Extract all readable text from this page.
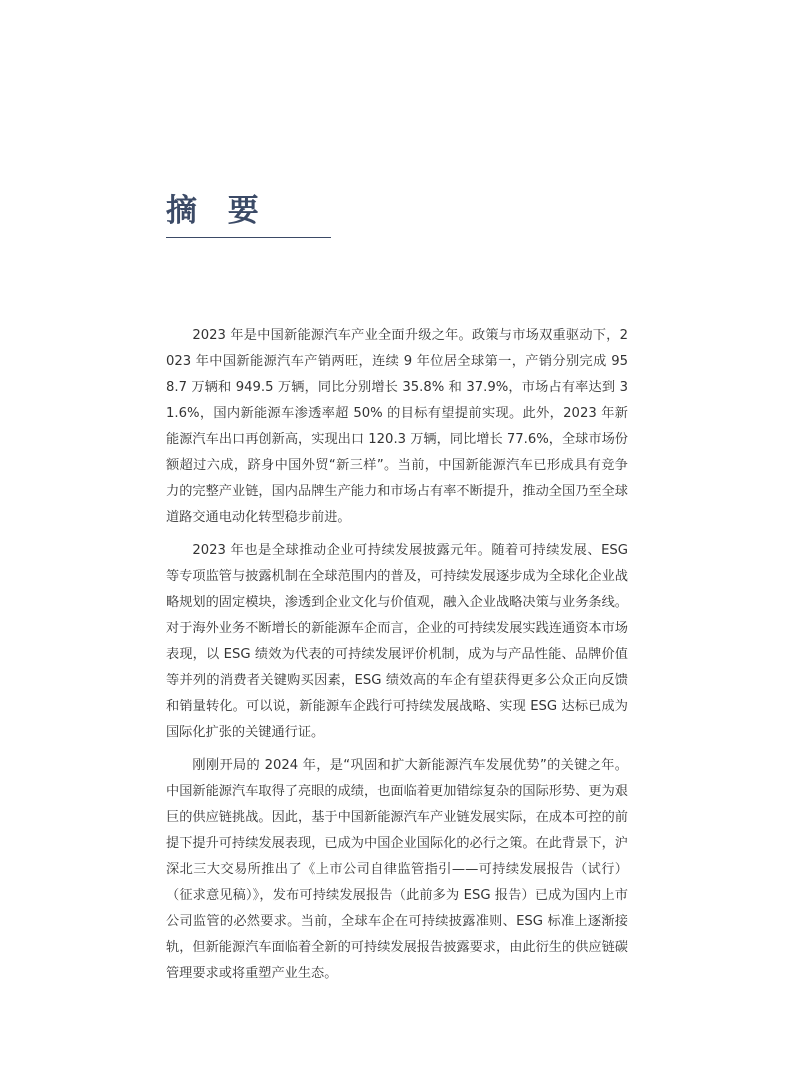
摘 要

2023 年是中国新能源汽车产业全面升级之年。政策与市场双重驱动下，2023 年中国新能源汽车产销两旺，连续 9 年位居全球第一，产销分别完成 958.7 万辆和 949.5 万辆，同比分别增长 35.8% 和 37.9%，市场占有率达到 31.6%，国内新能源车渗透率超 50% 的目标有望提前实现。此外，2023 年新能源汽车出口再创新高，实现出口 120.3 万辆，同比增长 77.6%，全球市场份额超过六成，跻身中国外贸“新三样”。当前，中国新能源汽车已形成具有竞争力的完整产业链，国内品牌生产能力和市场占有率不断提升，推动全国乃至全球道路交通电动化转型稳步前进。

2023 年也是全球推动企业可持续发展披露元年。随着可持续发展、ESG 等专项监管与披露机制在全球范围内的普及，可持续发展逐步成为全球化企业战略规划的固定模块，渗透到企业文化与价值观，融入企业战略决策与业务条线。对于海外业务不断增长的新能源车企而言，企业的可持续发展实践连通资本市场表现，以 ESG 绩效为代表的可持续发展评价机制，成为与产品性能、品牌价值等并列的消费者关键购买因素，ESG 绩效高的车企有望获得更多公众正向反馈和销量转化。可以说，新能源车企践行可持续发展战略、实现 ESG 达标已成为国际化扩张的关键通行证。

刚刚开局的 2024 年，是“巩固和扩大新能源汽车发展优势”的关键之年。中国新能源汽车取得了亮眼的成绩，也面临着更加错综复杂的国际形势、更为艰巨的供应链挑战。因此，基于中国新能源汽车产业链发展实际，在成本可控的前提下提升可持续发展表现，已成为中国企业国际化的必行之策。在此背景下，沪深北三大交易所推出了《上市公司自律监管指引——可持续发展报告（试行）（征求意见稿）》，发布可持续发展报告（此前多为 ESG 报告）已成为国内上市公司监管的必然要求。当前，全球车企在可持续披露准则、ESG 标准上逐渐接轨，但新能源汽车面临着全新的可持续发展报告披露要求，由此衍生的供应链碳管理要求或将重塑产业生态。
